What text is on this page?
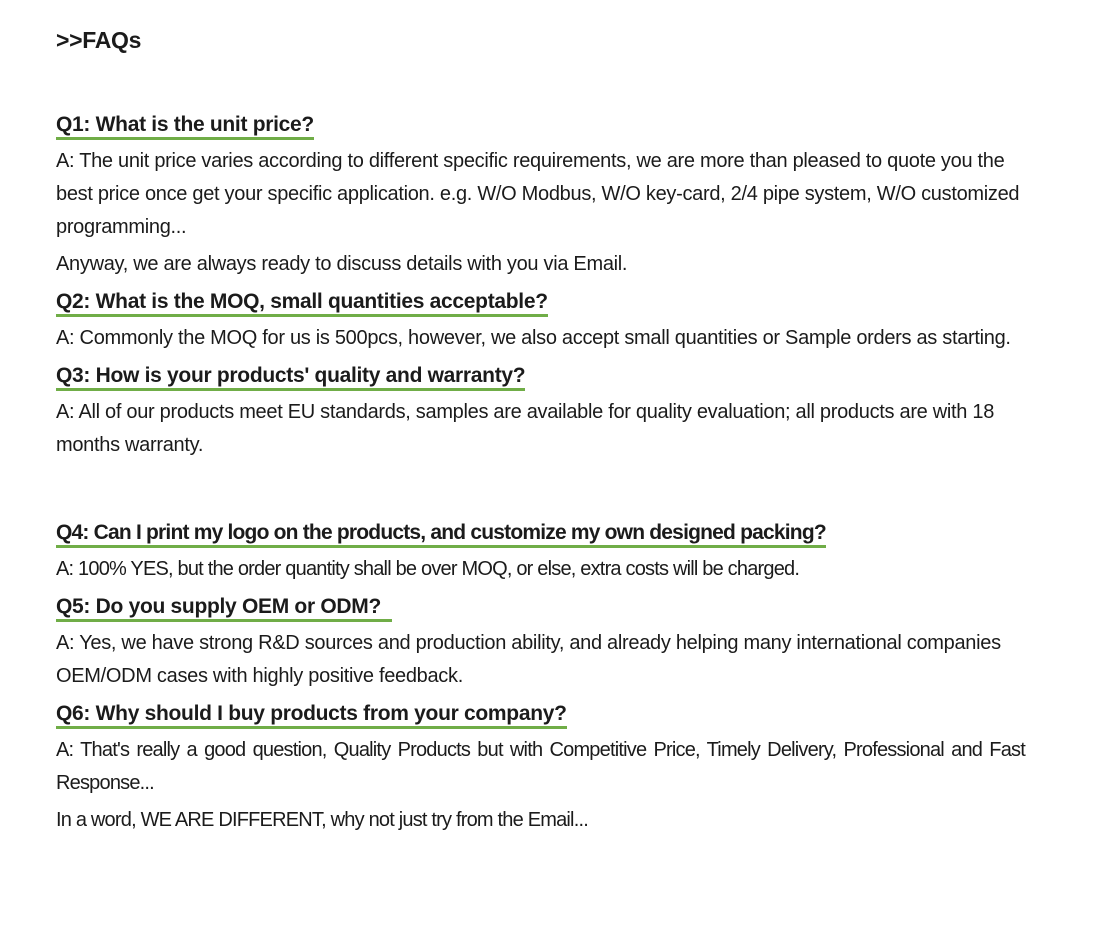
>>FAQs
Q1: What is the unit price?

A: The unit price varies according to different specific requirements, we are more than pleased to quote you the best price once get your specific application. e.g. W/O Modbus, W/O key-card, 2/4 pipe system, W/O customized programming...

Anyway, we are always ready to discuss details with you via Email.

Q2: What is the MOQ, small quantities acceptable?

A: Commonly the MOQ for us is 500pcs, however, we also accept small quantities or Sample orders as starting.

Q3: How is your products' quality and warranty?

A: All of our products meet EU standards, samples are available for quality evaluation; all products are with 18 months warranty.

Q4: Can I print my logo on the products, and customize my own designed packing?

A: 100% YES, but the order quantity shall be over MOQ, or else, extra costs will be charged.

Q5: Do you supply OEM or ODM?

A: Yes, we have strong R&D sources and production ability, and already helping many international companies OEM/ODM cases with highly positive feedback.

Q6: Why should I buy products from your company?

A: That's really a good question, Quality Products but with Competitive Price, Timely Delivery, Professional and Fast Response...

In a word, WE ARE DIFFERENT, why not just try from the Email...
